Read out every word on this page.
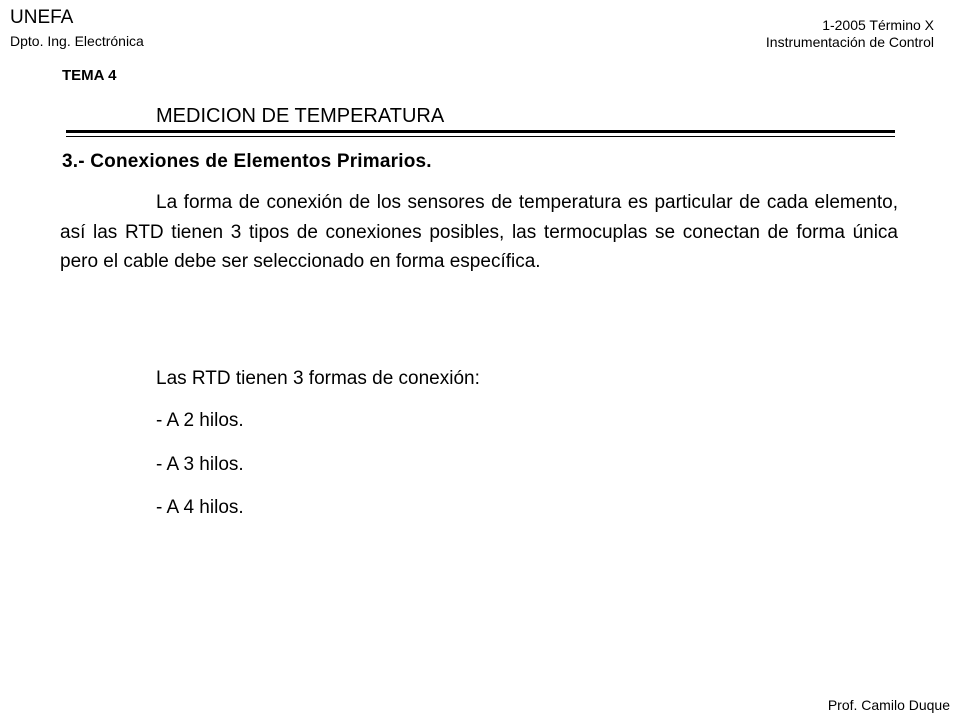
UNEFA
Dpto. Ing. Electrónica
1-2005 Término X
Instrumentación de Control
TEMA 4
MEDICION DE TEMPERATURA
3.- Conexiones de Elementos Primarios.
La forma de conexión de los sensores de temperatura es particular de cada elemento, así las RTD tienen 3 tipos de conexiones posibles, las termocuplas se conectan de forma única pero el cable debe ser seleccionado en forma específica.
Las RTD tienen 3 formas de conexión:
- A 2 hilos.
- A 3 hilos.
- A 4 hilos.
Prof. Camilo Duque
